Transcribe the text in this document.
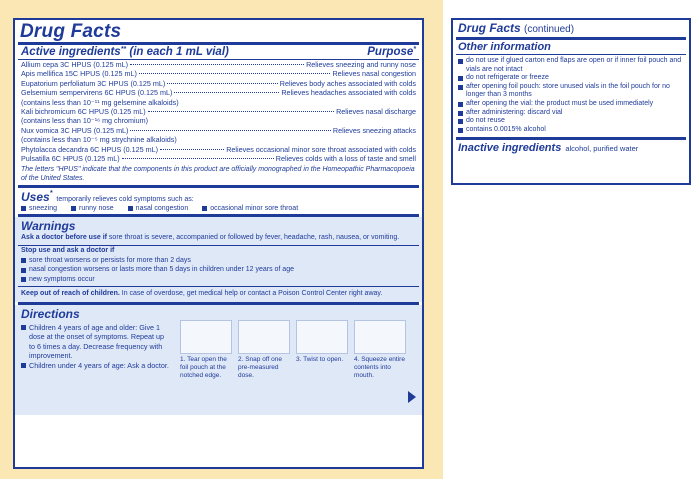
Drug Facts
Active ingredients** (in each 1 mL vial)	Purpose*
Allium cepa 3C HPUS (0.125 mL)	Relieves sneezing and runny nose
Apis mellifica 15C HPUS (0.125 mL)	Relieves nasal congestion
Eupatorium perfoliatum 3C HPUS (0.125 mL)	Relieves body aches associated with colds
Gelsemium sempervirens 6C HPUS (0.125 mL)	Relieves headaches associated with colds
(contains less than 10⁻¹¹ mg gelsemine alkaloids)
Kali bichromicum 6C HPUS (0.125 mL)	Relieves nasal discharge
(contains less than 10⁻¹⁶ mg chromium)
Nux vomica 3C HPUS (0.125 mL)	Relieves sneezing attacks
(contains less than 10⁻⁵ mg strychnine alkaloids)
Phytolacca decandra 6C HPUS (0.125 mL)	Relieves occasional minor sore throat associated with colds
Pulsatilla 6C HPUS (0.125 mL)	Relieves colds with a loss of taste and smell
The letters "HPUS" indicate that the components in this product are officially monographed in the Homeopathic Pharmacopoeia of the United States.
Uses*
temporarily relieves cold symptoms such as:
sneezing	runny nose	nasal congestion	occasional minor sore throat
Warnings
Ask a doctor before use if sore throat is severe, accompanied or followed by fever, headache, rash, nausea, or vomiting.
Stop use and ask a doctor if
sore throat worsens or persists for more than 2 days
nasal congestion worsens or lasts more than 5 days in children under 12 years of age
new symptoms occur
Keep out of reach of children. In case of overdose, get medical help or contact a Poison Control Center right away.
Directions
Children 4 years of age and older: Give 1 dose at the onset of symptoms. Repeat up to 6 times a day. Decrease frequency with improvement.
Children under 4 years of age: Ask a doctor.
1. Tear open the foil pouch at the notched edge.
2. Snap off one pre-measured dose.
3. Twist to open.	4. Squeeze entire contents into mouth.
Drug Facts (continued)
Other information
do not use if glued carton end flaps are open or if inner foil pouch and vials are not intact
do not refrigerate or freeze
after opening foil pouch: store unused vials in the foil pouch for no longer than 3 months
after opening the vial: the product must be used immediately
after administering: discard vial
do not reuse
contains 0.0015% alcohol
Inactive ingredients alcohol, purified water
